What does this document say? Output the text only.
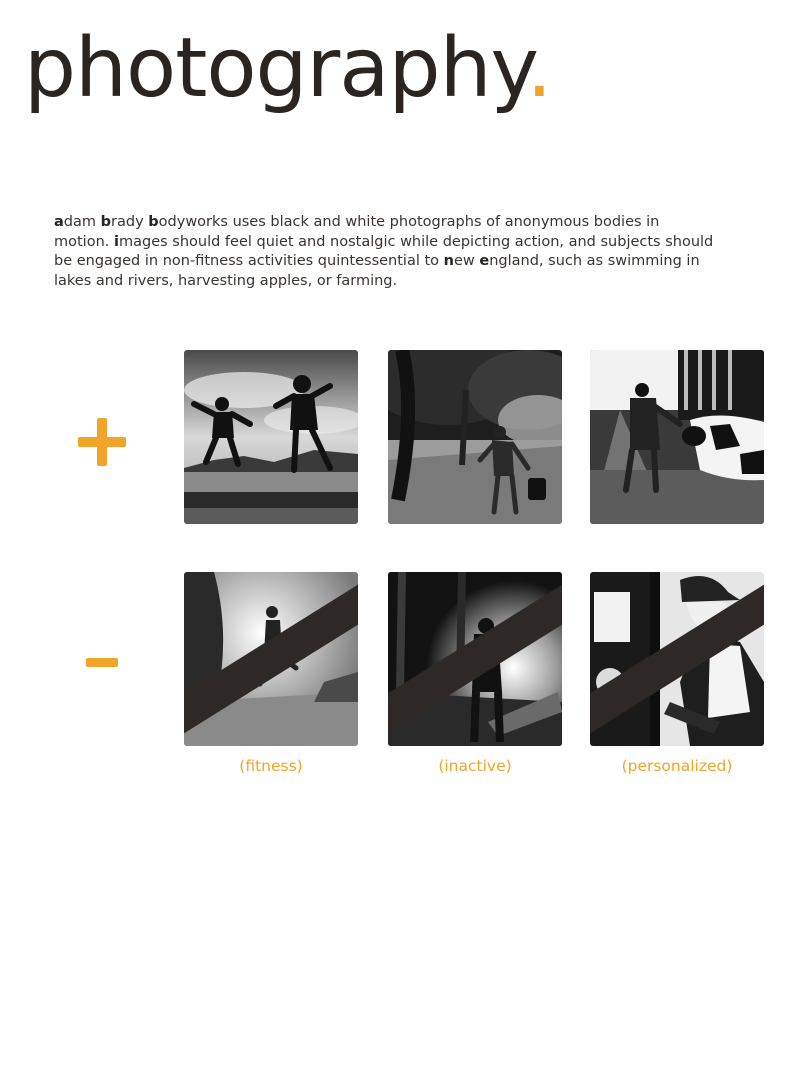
photography.

adam brady bodyworks uses black and white photographs of anonymous bodies in motion. images should feel quiet and nostalgic while depicting action, and subjects should be engaged in non-fitness activities quintessential to new england, such as swimming in lakes and rivers, harvesting apples, or farming.

(fitness)	(inactive)	(personalized)
